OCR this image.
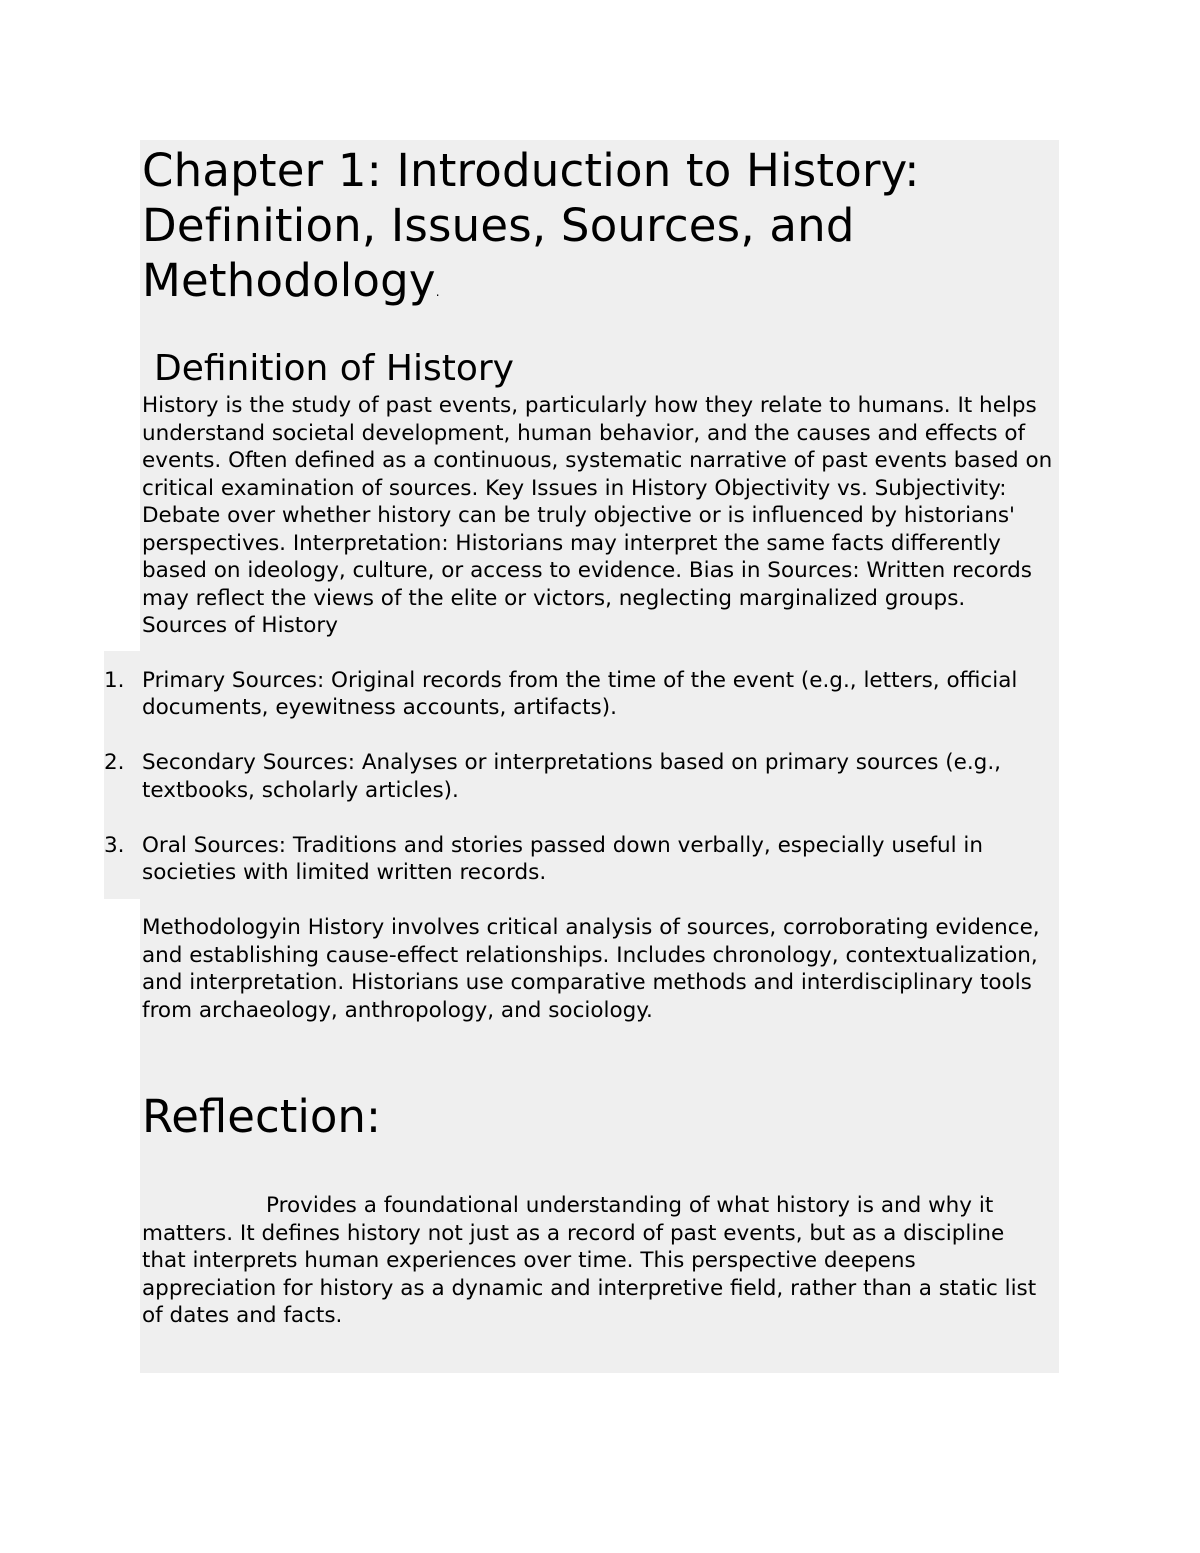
Chapter 1: Introduction to History: Definition, Issues, Sources, and Methodology.
Definition of History

History is the study of past events, particularly how they relate to humans. It helps understand societal development, human behavior, and the causes and effects of events. Often defined as a continuous, systematic narrative of past events based on critical examination of sources. Key Issues in History Objectivity vs. Subjectivity: Debate over whether history can be truly objective or is influenced by historians' perspectives. Interpretation: Historians may interpret the same facts differently based on ideology, culture, or access to evidence. Bias in Sources: Written records may reflect the views of the elite or victors, neglecting marginalized groups. Sources of History

1. Primary Sources: Original records from the time of the event (e.g., letters, official documents, eyewitness accounts, artifacts).
2. Secondary Sources: Analyses or interpretations based on primary sources (e.g., textbooks, scholarly articles).
3. Oral Sources: Traditions and stories passed down verbally, especially useful in societies with limited written records.

Methodologyin History involves critical analysis of sources, corroborating evidence, and establishing cause-effect relationships. Includes chronology, contextualization, and interpretation. Historians use comparative methods and interdisciplinary tools from archaeology, anthropology, and sociology.

Reflection:

Provides a foundational understanding of what history is and why it matters. It defines history not just as a record of past events, but as a discipline that interprets human experiences over time. This perspective deepens appreciation for history as a dynamic and interpretive field, rather than a static list of dates and facts.
